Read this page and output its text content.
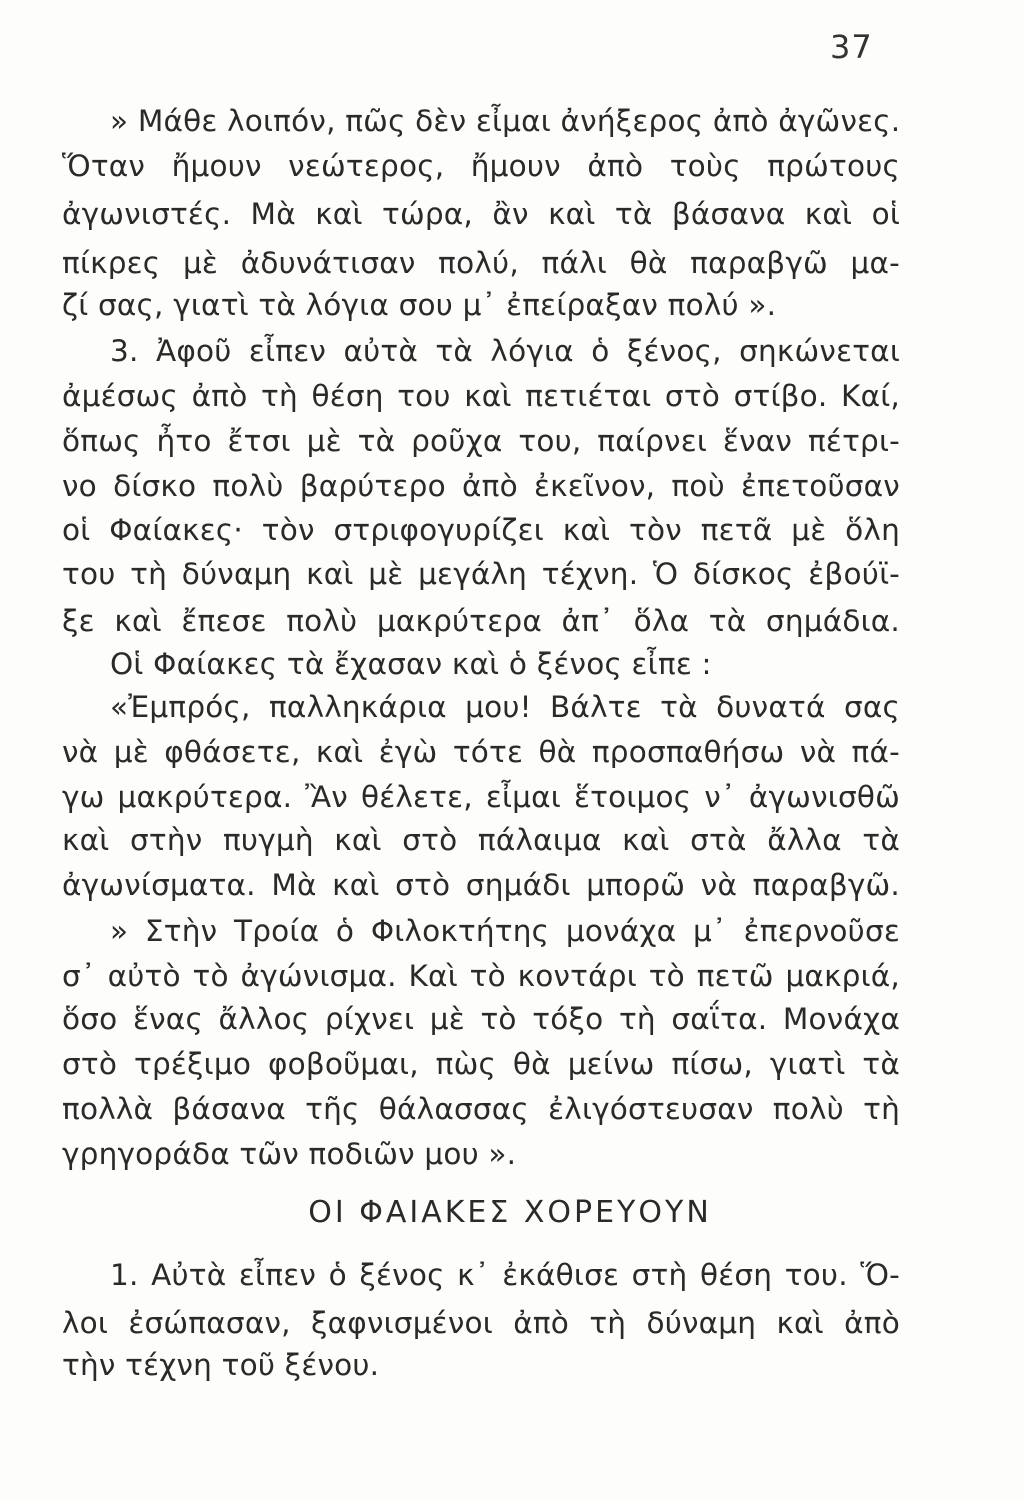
37

» Μάθε λοιπόν, πῶς δὲν εἶμαι ἀνήξερος ἀπὸ ἀγῶνες.

Ὅταν ἤμουν νεώτερος, ἤμουν ἀπὸ τοὺς πρώτους

ἀγωνιστές. Μὰ καὶ τώρα, ἂν καὶ τὰ βάσανα καὶ οἱ

πίκρες μὲ ἀδυνάτισαν πολύ, πάλι θὰ παραβγῶ μα-

ζί σας, γιατὶ τὰ λόγια σου μ᾿ ἐπείραξαν πολύ ».

3. Ἀφοῦ εἶπεν αὐτὰ τὰ λόγια ὁ ξένος, σηκώνεται

ἀμέσως ἀπὸ τὴ θέση του καὶ πετιέται στὸ στίβο. Καί,

ὅπως ἦτο ἔτσι μὲ τὰ ροῦχα του, παίρνει ἕναν πέτρι-

νο δίσκο πολὺ βαρύτερο ἀπὸ ἐκεῖνον, ποὺ ἐπετοῦσαν

οἱ Φαίακες· τὸν στριφογυρίζει καὶ τὸν πετᾶ μὲ ὅλη

του τὴ δύναμη καὶ μὲ μεγάλη τέχνη. Ὁ δίσκος ἐβούϊ-

ξε καὶ ἔπεσε πολὺ μακρύτερα ἀπ᾿ ὅλα τὰ σημάδια.

Οἱ Φαίακες τὰ ἔχασαν καὶ ὁ ξένος εἶπε :

«Ἐμπρός, παλληκάρια μου! Βάλτε τὰ δυνατά σας

νὰ μὲ φθάσετε, καὶ ἐγὼ τότε θὰ προσπαθήσω νὰ πά-

γω μακρύτερα. Ἂν θέλετε, εἶμαι ἕτοιμος ν᾿ ἀγωνισθῶ

καὶ στὴν πυγμὴ καὶ στὸ πάλαιμα καὶ στὰ ἄλλα τὰ

ἀγωνίσματα. Μὰ καὶ στὸ σημάδι μπορῶ νὰ παραβγῶ.

» Στὴν Τροία ὁ Φιλοκτήτης μονάχα μ᾿ ἐπερνοῦσε

σ᾿ αὐτὸ τὸ ἀγώνισμα. Καὶ τὸ κοντάρι τὸ πετῶ μακριά,

ὅσο ἕνας ἄλλος ρίχνει μὲ τὸ τόξο τὴ σαΐτα. Μονάχα

στὸ τρέξιμο φοβοῦμαι, πὼς θὰ μείνω πίσω, γιατὶ τὰ

πολλὰ βάσανα τῆς θάλασσας ἐλιγόστευσαν πολὺ τὴ

γρηγοράδα τῶν ποδιῶν μου ».

ΟΙ ΦΑΙΑΚΕΣ ΧΟΡΕΥΟΥΝ

1. Αὐτὰ εἶπεν ὁ ξένος κ᾿ ἐκάθισε στὴ θέση του. Ὅ-

λοι ἐσώπασαν, ξαφνισμένοι ἀπὸ τὴ δύναμη καὶ ἀπὸ

τὴν τέχνη τοῦ ξένου.
